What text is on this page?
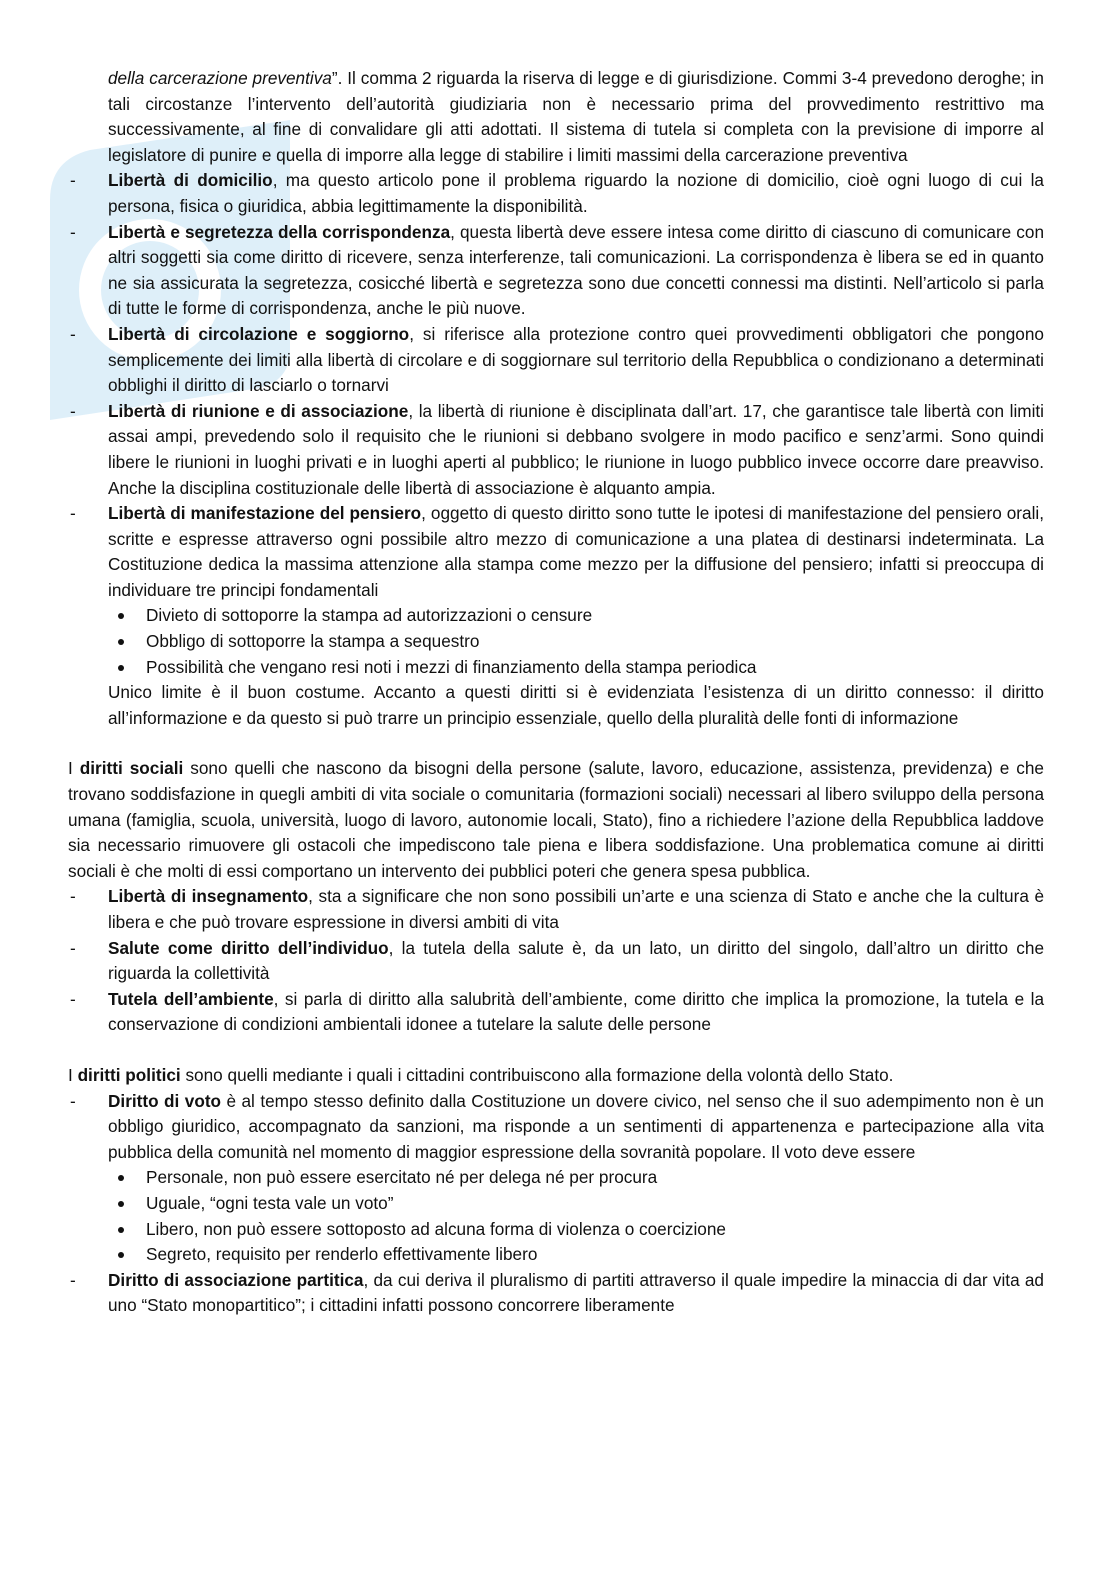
della carcerazione preventiva”. Il comma 2 riguarda la riserva di legge e di giurisdizione. Commi 3-4 prevedono deroghe; in tali circostanze l’intervento dell’autorità giudiziaria non è necessario prima del provvedimento restrittivo ma successivamente, al fine di convalidare gli atti adottati. Il sistema di tutela si completa con la previsione di imporre al legislatore di punire e quella di imporre alla legge di stabilire i limiti massimi della carcerazione preventiva

- Libertà di domicilio, ma questo articolo pone il problema riguardo la nozione di domicilio, cioè ogni luogo di cui la persona, fisica o giuridica, abbia legittimamente la disponibilità.
- Libertà e segretezza della corrispondenza, questa libertà deve essere intesa come diritto di ciascuno di comunicare con altri soggetti sia come diritto di ricevere, senza interferenze, tali comunicazioni. La corrispondenza è libera se ed in quanto ne sia assicurata la segretezza, cosicché libertà e segretezza sono due concetti connessi ma distinti. Nell’articolo si parla di tutte le forme di corrispondenza, anche le più nuove.
- Libertà di circolazione e soggiorno, si riferisce alla protezione contro quei provvedimenti obbligatori che pongono semplicemente dei limiti alla libertà di circolare e di soggiornare sul territorio della Repubblica o condizionano a determinati obblighi il diritto di lasciarlo o tornarvi
- Libertà di riunione e di associazione, la libertà di riunione è disciplinata dall’art. 17, che garantisce tale libertà con limiti assai ampi, prevedendo solo il requisito che le riunioni si debbano svolgere in modo pacifico e senz’armi. Sono quindi libere le riunioni in luoghi privati e in luoghi aperti al pubblico; le riunione in luogo pubblico invece occorre dare preavviso. Anche la disciplina costituzionale delle libertà di associazione è alquanto ampia.
- Libertà di manifestazione del pensiero, oggetto di questo diritto sono tutte le ipotesi di manifestazione del pensiero orali, scritte e espresse attraverso ogni possibile altro mezzo di comunicazione a una platea di destinarsi indeterminata. La Costituzione dedica la massima attenzione alla stampa come mezzo per la diffusione del pensiero; infatti si preoccupa di individuare tre principi fondamentali
Divieto di sottoporre la stampa ad autorizzazioni o censure
Obbligo di sottoporre la stampa a sequestro
Possibilità che vengano resi noti i mezzi di finanziamento della stampa periodica

Unico limite è il buon costume. Accanto a questi diritti si è evidenziata l’esistenza di un diritto connesso: il diritto all’informazione e da questo si può trarre un principio essenziale, quello della pluralità delle fonti di informazione

I diritti sociali sono quelli che nascono da bisogni della persone (salute, lavoro, educazione, assistenza, previdenza) e che trovano soddisfazione in quegli ambiti di vita sociale o comunitaria (formazioni sociali) necessari al libero sviluppo della persona umana (famiglia, scuola, università, luogo di lavoro, autonomie locali, Stato), fino a richiedere l’azione della Repubblica laddove sia necessario rimuovere gli ostacoli che impediscono tale piena e libera soddisfazione. Una problematica comune ai diritti sociali è che molti di essi comportano un intervento dei pubblici poteri che genera spesa pubblica.

- Libertà di insegnamento, sta a significare che non sono possibili un’arte e una scienza di Stato e anche che la cultura è libera e che può trovare espressione in diversi ambiti di vita
- Salute come diritto dell’individuo, la tutela della salute è, da un lato, un diritto del singolo, dall’altro un diritto che riguarda la collettività
- Tutela dell’ambiente, si parla di diritto alla salubrità dell’ambiente, come diritto che implica la promozione, la tutela e la conservazione di condizioni ambientali idonee a tutelare la salute delle persone

I diritti politici sono quelli mediante i quali i cittadini contribuiscono alla formazione della volontà dello Stato.

- Diritto di voto è al tempo stesso definito dalla Costituzione un dovere civico, nel senso che il suo adempimento non è un obbligo giuridico, accompagnato da sanzioni, ma risponde a un sentimenti di appartenenza e partecipazione alla vita pubblica della comunità nel momento di maggior espressione della sovranità popolare. Il voto deve essere
Personale, non può essere esercitato né per delega né per procura
Uguale, “ogni testa vale un voto”
Libero, non può essere sottoposto ad alcuna forma di violenza o coercizione
Segreto, requisito per renderlo effettivamente libero
- Diritto di associazione partitica, da cui deriva il pluralismo di partiti attraverso il quale impedire la minaccia di dar vita ad uno “Stato monopartitico”; i cittadini infatti possono concorrere liberamente
